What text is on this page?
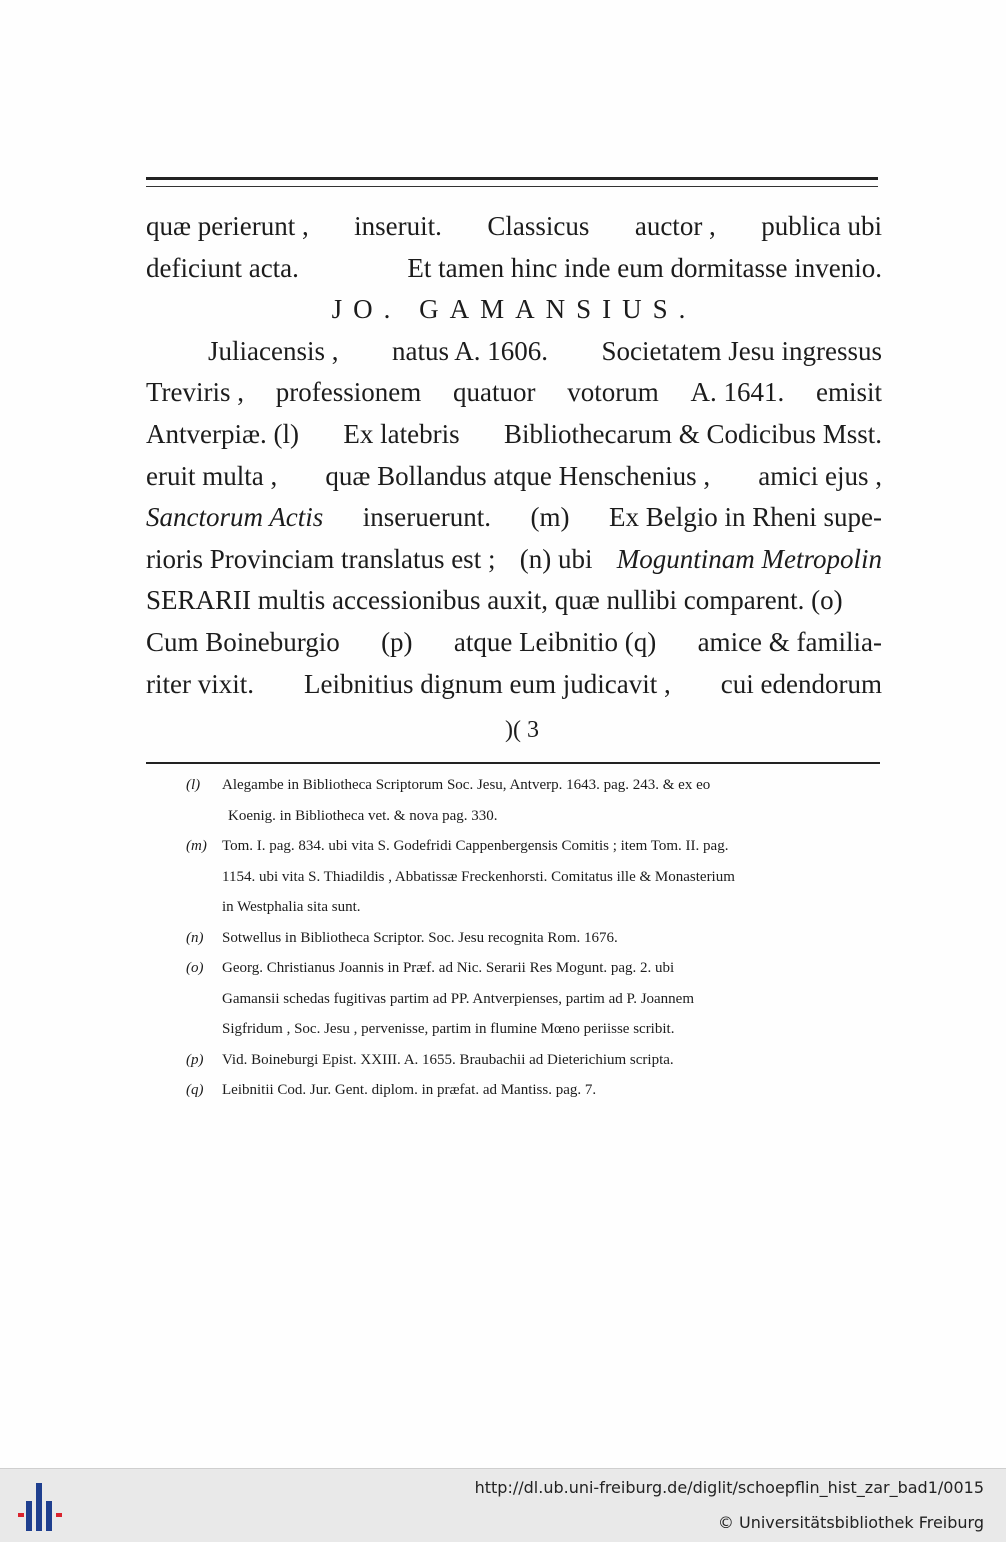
quæ perierunt , inseruit. Classicus auctor , publica ubi
deficiunt acta.	Et tamen hinc inde eum dormitasse invenio.
JO. GAMANSIUS.
Juliacensis , natus A. 1606. Societatem Jesu ingressus
Treviris , professionem quatuor votorum A. 1641. emisit
Antverpiæ. (l) Ex latebris Bibliothecarum & Codicibus Msst.
eruit multa , quæ Bollandus atque Henschenius , amici ejus ,
Sanctorum Actis inseruerunt. (m) Ex Belgio in Rheni supe-
rioris Provinciam translatus est ; (n) ubi Moguntinam Metropolin
SERARII multis accessionibus auxit, quæ nullibi comparent. (o)
Cum Boineburgio (p) atque Leibnitio (q) amice & familia-
riter vixit. Leibnitius dignum eum judicavit , cui edendorum
)( 3
(l)	Alegambe in Bibliotheca Scriptorum Soc. Jesu, Antverp. 1643. pag. 243. & ex eo
Koenig. in Bibliotheca vet. & nova pag. 330.
(m)	Tom. I. pag. 834. ubi vita S. Godefridi Cappenbergensis Comitis ; item Tom. II. pag.
1154. ubi vita S. Thiadildis , Abbatissæ Freckenhorsti. Comitatus ille & Monasterium
in Westphalia sita sunt.
(n)	Sotwellus in Bibliotheca Scriptor. Soc. Jesu recognita Rom. 1676.
(o)	Georg. Christianus Joannis in Præf. ad Nic. Serarii Res Mogunt. pag. 2. ubi
Gamansii schedas fugitivas partim ad PP. Antverpienses, partim ad P. Joannem
Sigfridum , Soc. Jesu , pervenisse, partim in flumine Mœno periisse scribit.
(p)	Vid. Boineburgi Epist. XXIII. A. 1655. Braubachii ad Dieterichium scripta.
(q)	Leibnitii Cod. Jur. Gent. diplom. in præfat. ad Mantiss. pag. 7.
http://dl.ub.uni-freiburg.de/diglit/schoepflin_hist_zar_bad1/0015
© Universitätsbibliothek Freiburg
